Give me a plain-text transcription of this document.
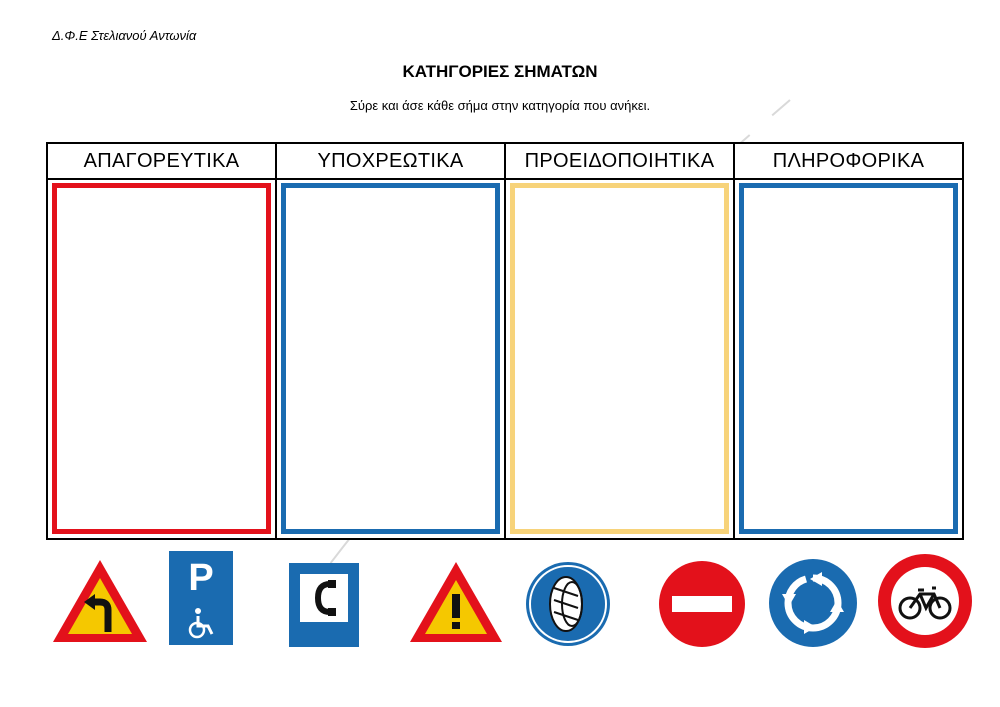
Δ.Φ.Ε Στελιανού Αντωνία
ΚΑΤΗΓΟΡΙΕΣ ΣΗΜΑΤΩΝ
Σύρε και άσε κάθε σήμα στην κατηγορία που ανήκει.
ΑΠΑΓΟΡΕΥΤΙΚΑ	ΥΠΟΧΡΕΩΤΙΚΑ	ΠΡΟΕΙΔΟΠΟΙΗΤΙΚΑ	ΠΛΗΡΟΦΟΡΙΚΑ
P
